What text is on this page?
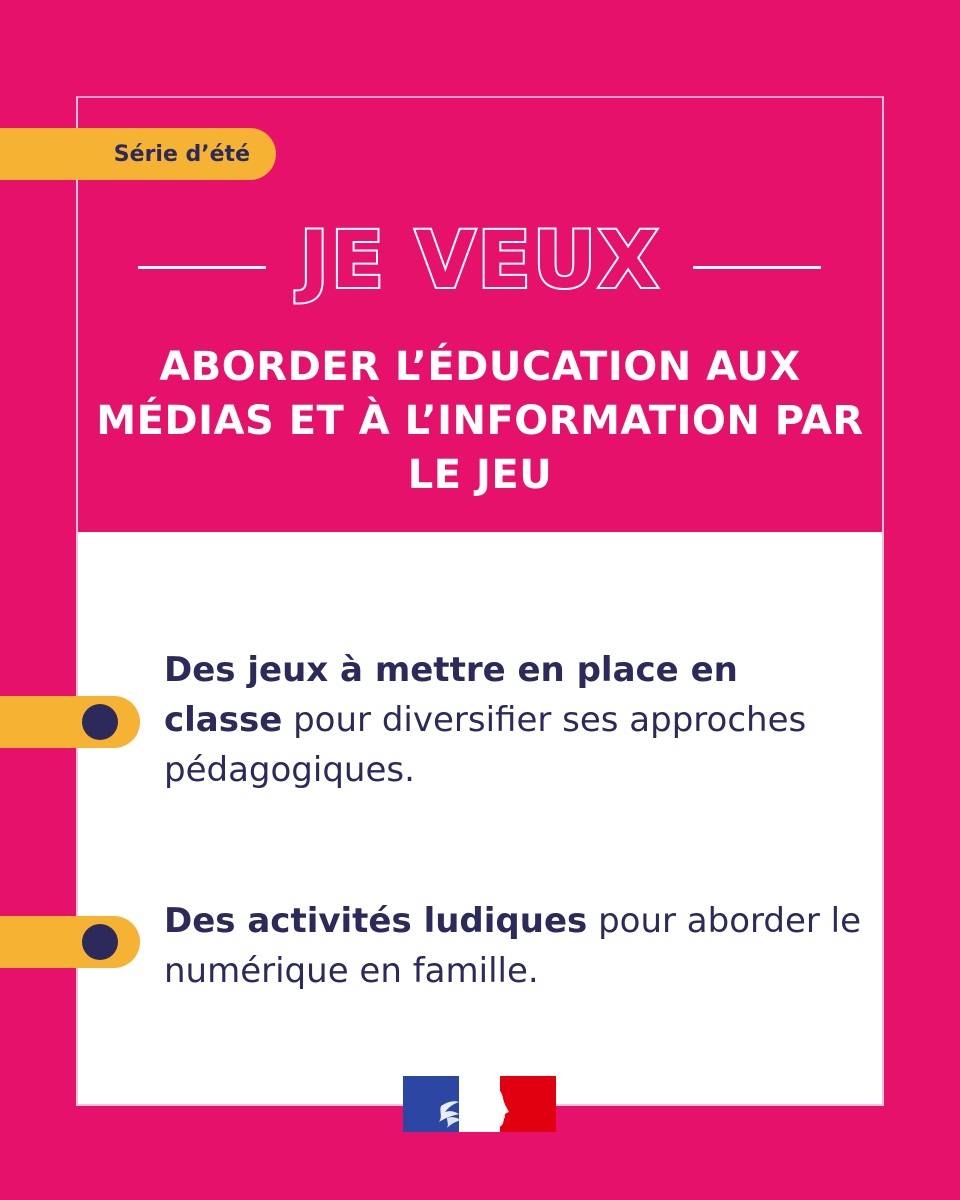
Série d’été
JE VEUX
ABORDER L’ÉDUCATION AUX MÉDIAS ET À L’INFORMATION PAR LE JEU
Des jeux à mettre en place en classe pour diversifier ses approches pédagogiques.
Des activités ludiques pour aborder le numérique en famille.
